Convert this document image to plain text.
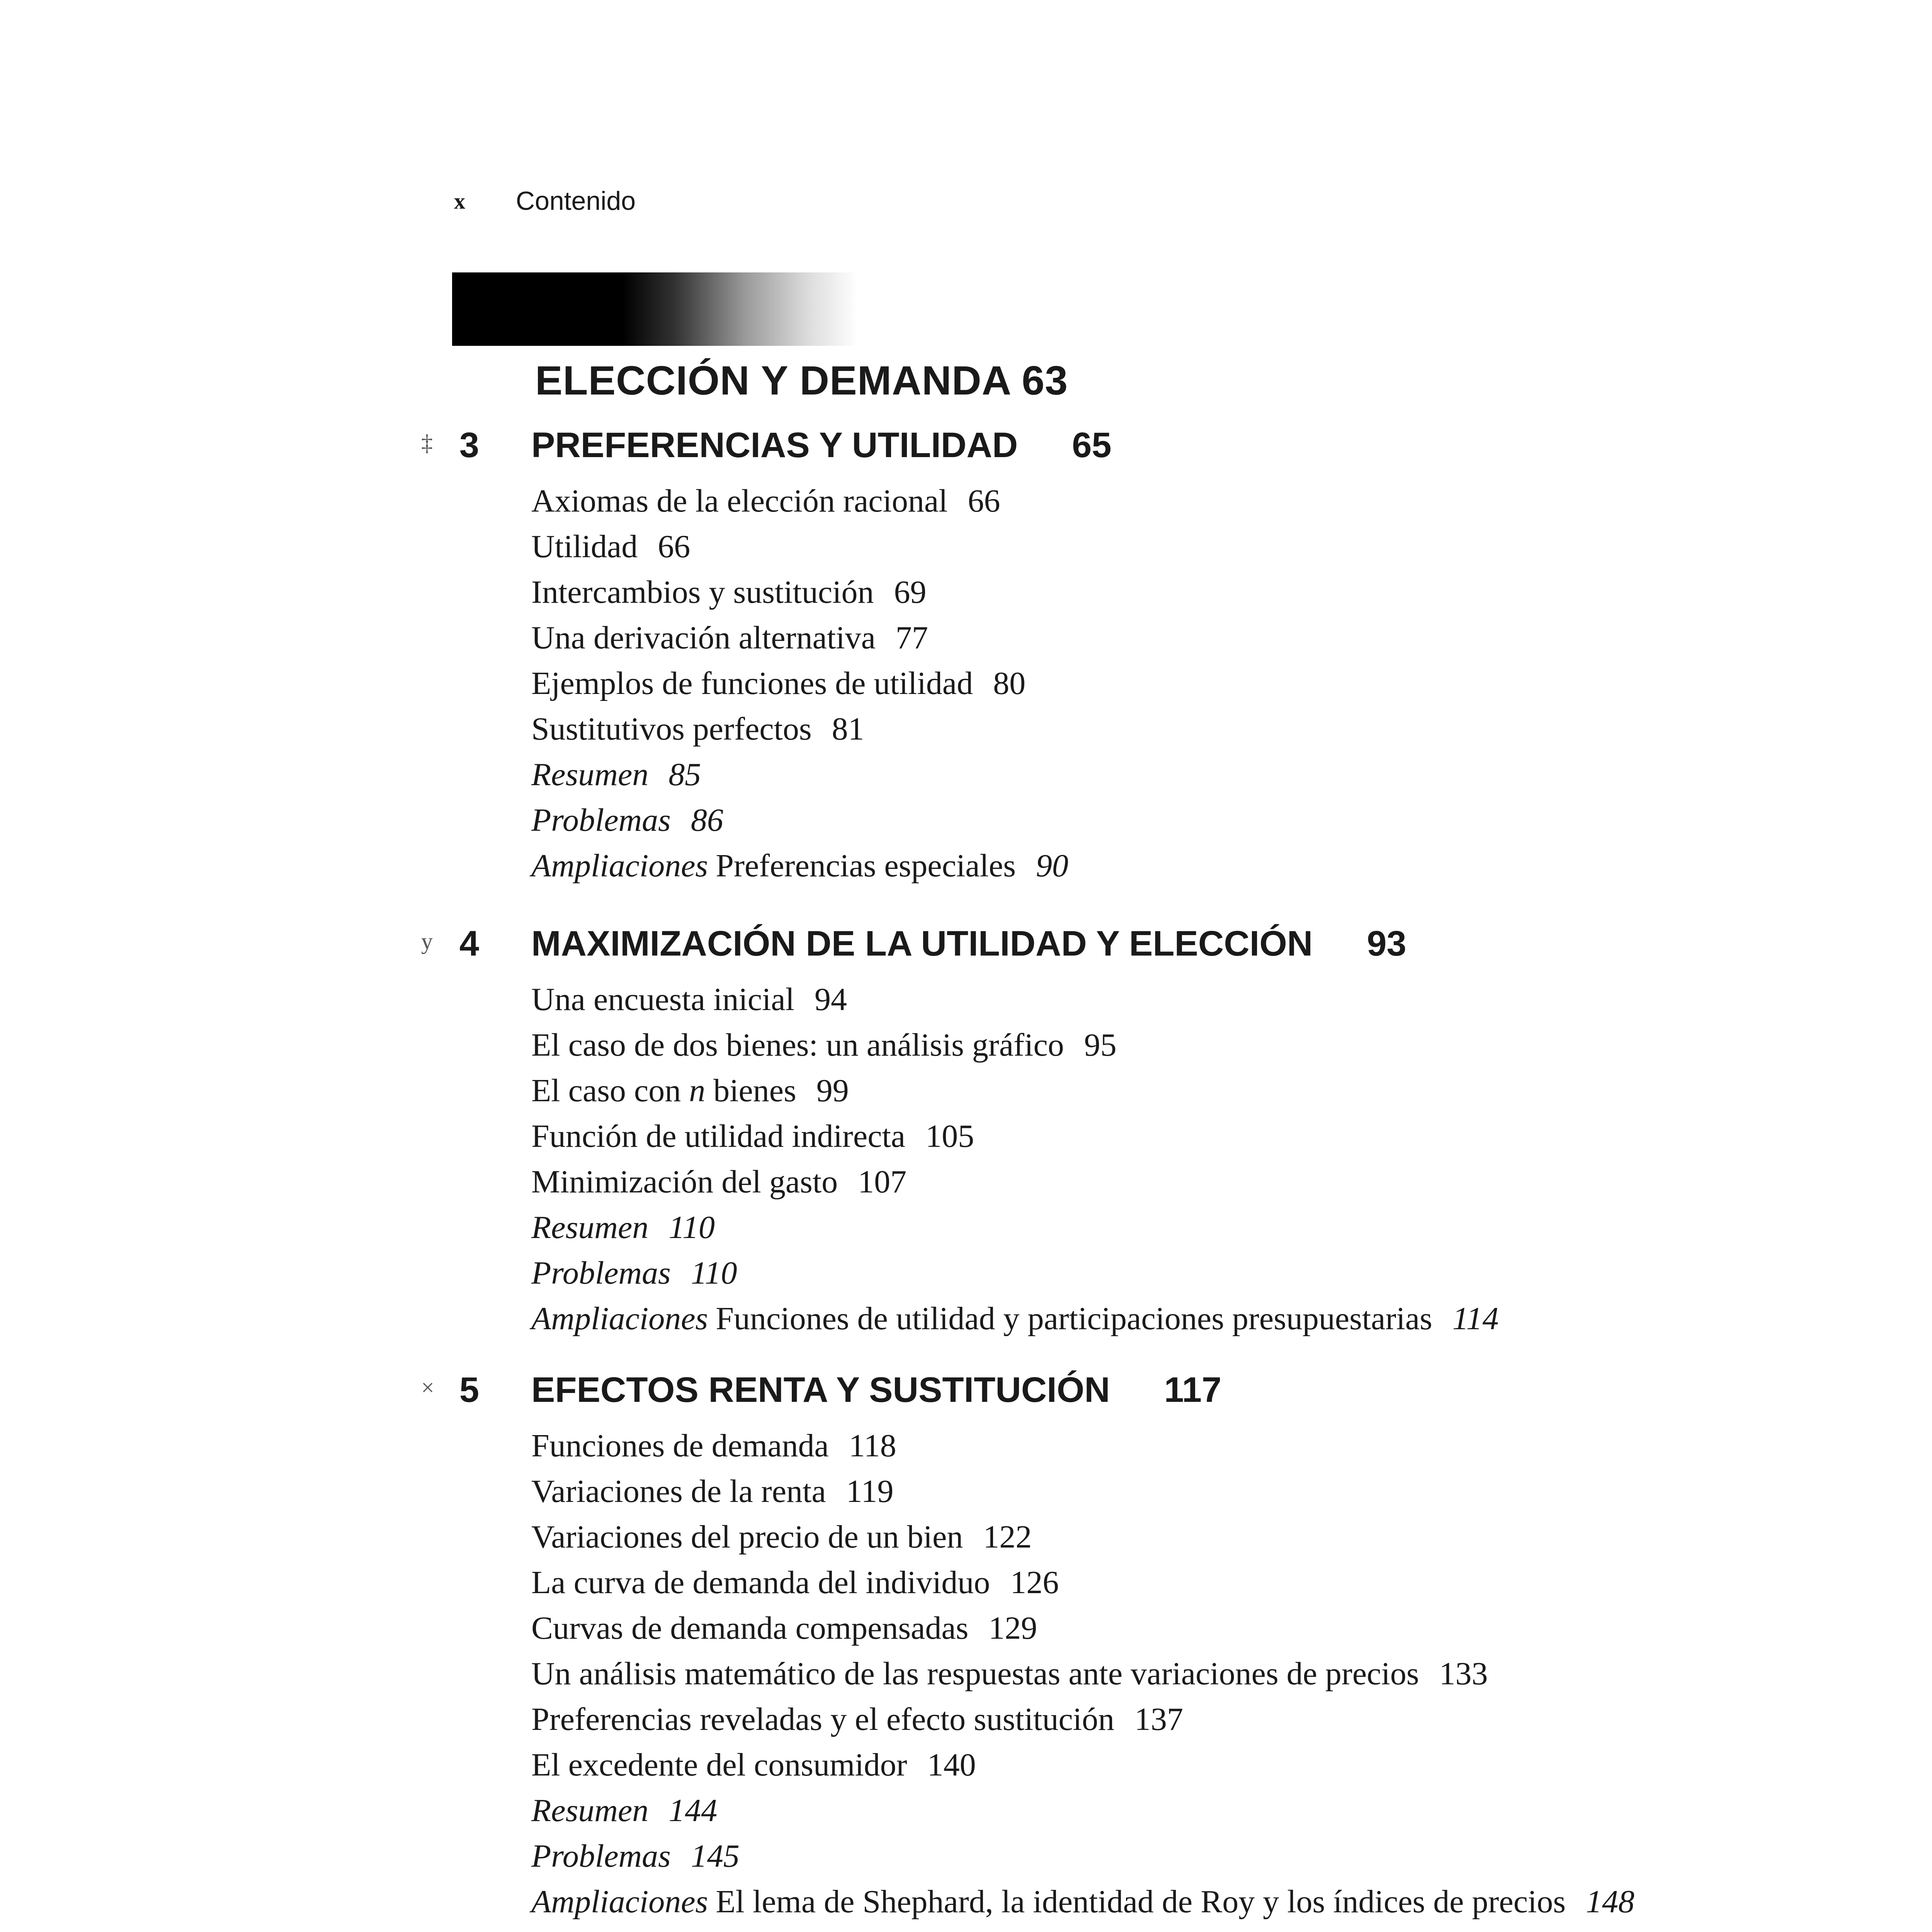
x	Contenido
ELECCIÓN Y DEMANDA 63
‡ 3 PREFERENCIAS Y UTILIDAD 65
Axiomas de la elección racional 66
Utilidad 66
Intercambios y sustitución 69
Una derivación alternativa 77
Ejemplos de funciones de utilidad 80
Sustitutivos perfectos 81
Resumen 85
Problemas 86
Ampliaciones Preferencias especiales 90
y 4 MAXIMIZACIÓN DE LA UTILIDAD Y ELECCIÓN 93
Una encuesta inicial 94
El caso de dos bienes: un análisis gráfico 95
El caso con n bienes 99
Función de utilidad indirecta 105
Minimización del gasto 107
Resumen 110
Problemas 110
Ampliaciones Funciones de utilidad y participaciones presupuestarias 114
× 5 EFECTOS RENTA Y SUSTITUCIÓN 117
Funciones de demanda 118
Variaciones de la renta 119
Variaciones del precio de un bien 122
La curva de demanda del individuo 126
Curvas de demanda compensadas 129
Un análisis matemático de las respuestas ante variaciones de precios 133
Preferencias reveladas y el efecto sustitución 137
El excedente del consumidor 140
Resumen 144
Problemas 145
Ampliaciones El lema de Shephard, la identidad de Roy y los índices de precios 148
